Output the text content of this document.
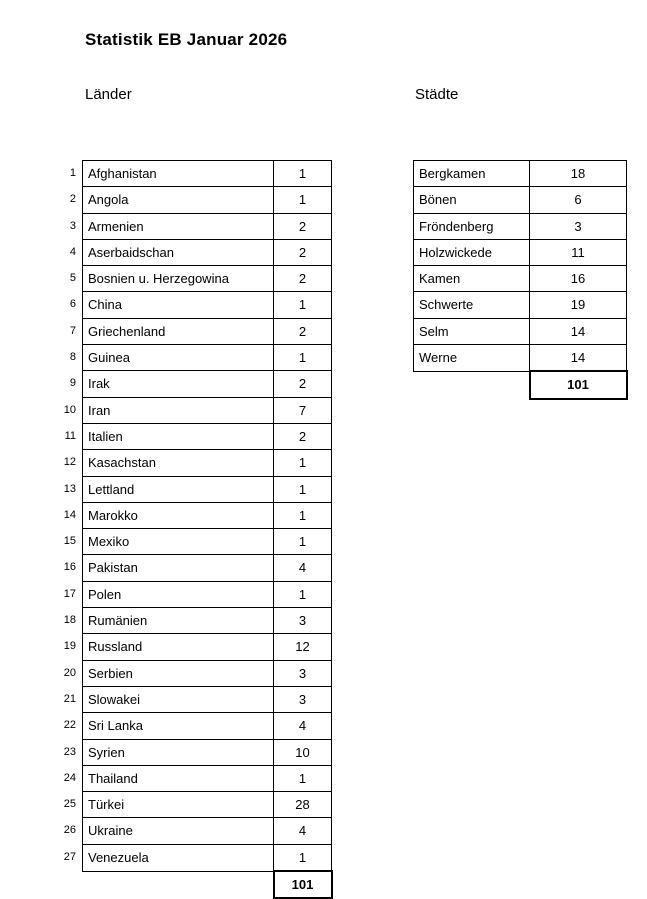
Statistik EB Januar 2026
Länder	Städte
1	Afghanistan	1
2	Angola	1
3	Armenien	2
4	Aserbaidschan	2
5	Bosnien u. Herzegowina	2
6	China	1
7	Griechenland	2
8	Guinea	1
9	Irak	2
10	Iran	7
11	Italien	2
12	Kasachstan	1
13	Lettland	1
14	Marokko	1
15	Mexiko	1
16	Pakistan	4
17	Polen	1
18	Rumänien	3
19	Russland	12
20	Serbien	3
21	Slowakei	3
22	Sri Lanka	4
23	Syrien	10
24	Thailand	1
25	Türkei	28
26	Ukraine	4
27	Venezuela	1
		101
Bergkamen	18
Bönen	6
Fröndenberg	3
Holzwickede	11
Kamen	16
Schwerte	19
Selm	14
Werne	14
	101
